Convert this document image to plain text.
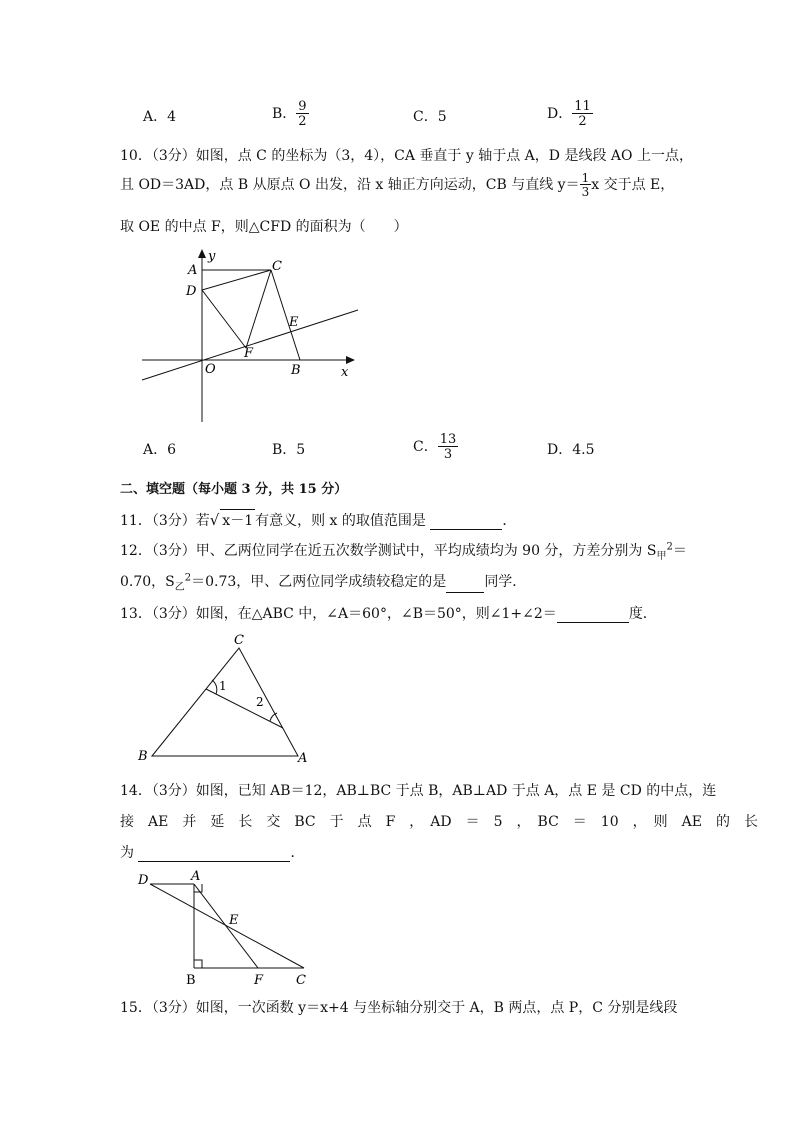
A．4	B． $\frac{9}{2}$	C．5	D． $\frac{11}{2}$
10．（3分）如图，点 C 的坐标为（3，4），CA 垂直于 y 轴于点 A，D 是线段 AO 上一点，
且 OD＝3AD，点 B 从原点 O 出发，沿 x 轴正方向运动，CB 与直线 $y= \frac{1}{3}$ x 交于点 E，
取 OE 的中点 F，则△CFD 的面积为（　　）
y
A	C
D
E
F
O	B	x
A．6	B．5	C． $\frac{13}{3}$	D．4.5
二、填空题（每小题 3 分，共 15 分）
11．（3分）若√ x－1 有意义，则 x 的取值范围是	．
12．（3分）甲、乙两位同学在近五次数学测试中，平均成绩均为 90 分，方差分别为 $S_甲^2=$
0.70，$S_乙^2=0.73$，甲、乙两位同学成绩较稳定的是	同学．
13．（3分）如图，在△ABC 中，∠A＝60°，∠B＝50°，则∠1+∠2＝	度．
C
B	A
1
2
14．（3分）如图，已知 AB＝12，AB⊥BC 于点 B，AB⊥AD 于点 A，点 E 是 CD 的中点，连
接　AE　并　延　长　交　BC　于　点　F　，　AD　＝　5　，　BC　＝　10　，　则　AE　的　长
为	．
D	A
E
B	F	C
15．（3分）如图，一次函数 y＝x+4 与坐标轴分别交于 A，B 两点，点 P，C 分别是线段
